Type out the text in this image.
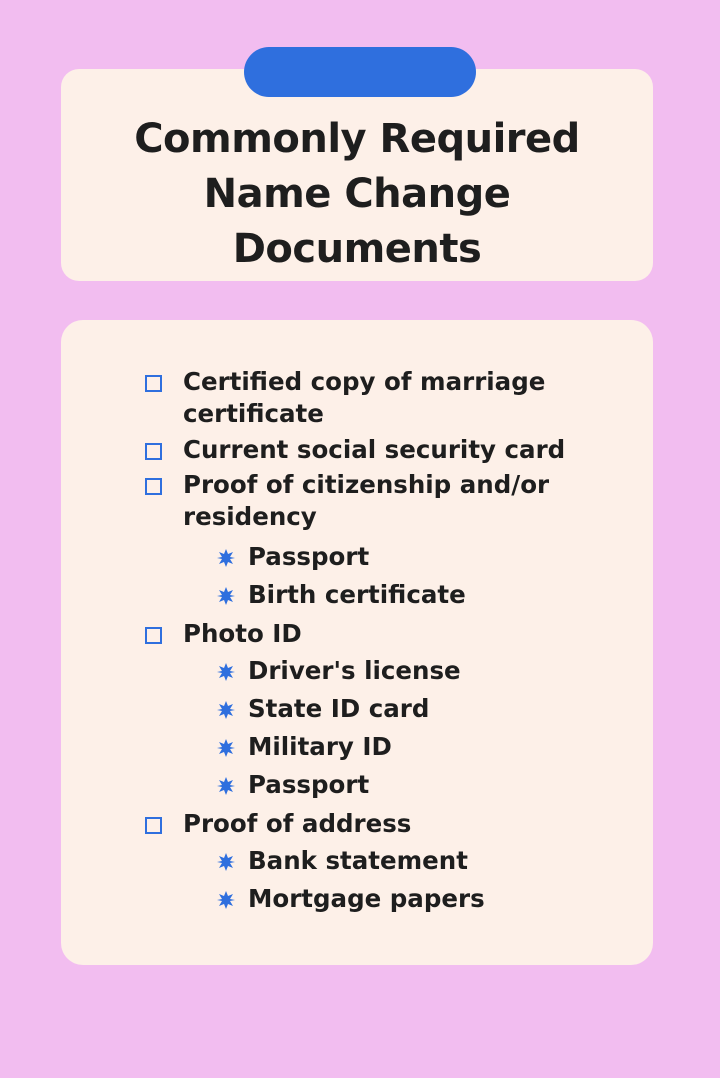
Commonly Required
Name Change
Documents

Certified copy of marriage
certificate

Current social security card

Proof of citizenship and/or
residency

Passport

Birth certificate

Photo ID

Driver's license

State ID card

Military ID

Passport

Proof of address

Bank statement

Mortgage papers
